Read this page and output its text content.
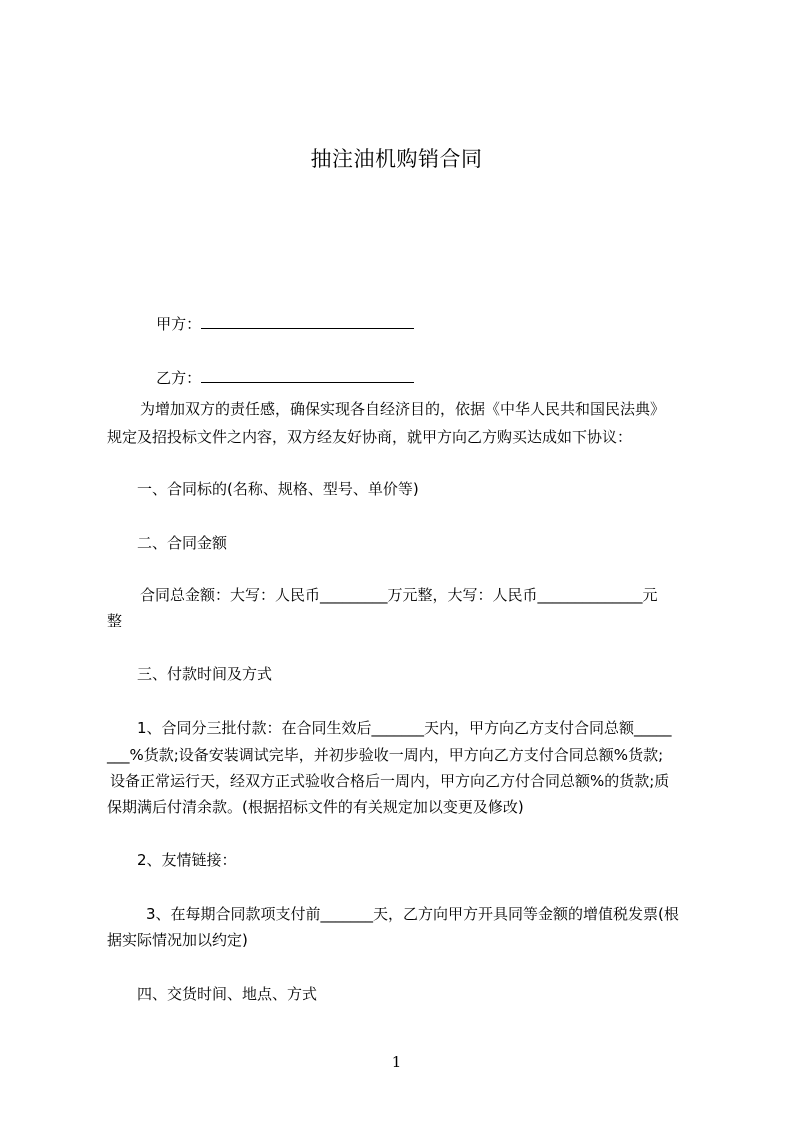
抽注油机购销合同

甲方：

乙方：

为增加双方的责任感，确保实现各自经济目的，依据《中华人民共和国民法典》
规定及招投标文件之内容，双方经友好协商，就甲方向乙方购买达成如下协议：
一、合同标的(名称、规格、型号、单价等)
二、合同金额
合同总金额：大写：人民币_________万元整，大写：人民币______________元
整
三、付款时间及方式
1、合同分三批付款：在合同生效后_______天内，甲方向乙方支付合同总额_____
___%货款;设备安装调试完毕，并初步验收一周内，甲方向乙方支付合同总额%货款;
设备正常运行天，经双方正式验收合格后一周内，甲方向乙方付合同总额%的货款;质
保期满后付清余款。(根据招标文件的有关规定加以变更及修改)
2、友情链接：
3、在每期合同款项支付前_______天，乙方向甲方开具同等金额的增值税发票(根
据实际情况加以约定)
四、交货时间、地点、方式
1
